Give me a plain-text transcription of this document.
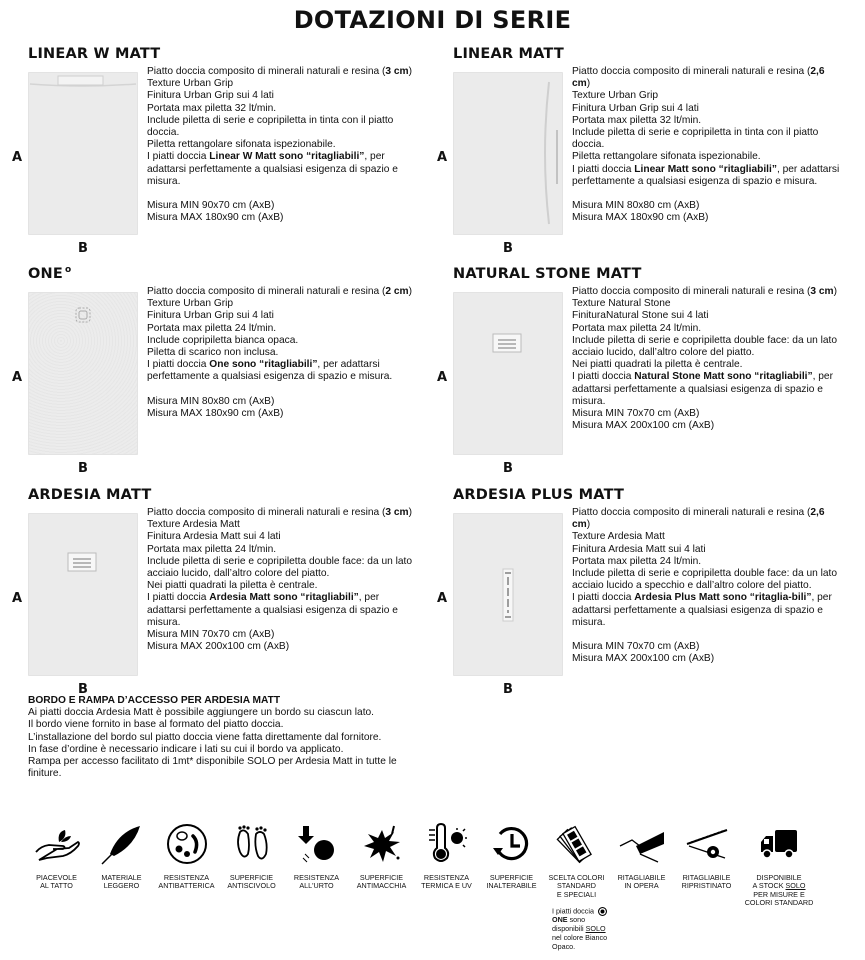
DOTAZIONI DI SERIE
LINEAR W MATT
A
B

Piatto doccia composito di minerali naturali e resina (3 cm)

Texture Urban Grip

Finitura Urban Grip sui 4 lati

Portata max piletta 32 lt/min.

Include piletta di serie e copripiletta in tinta con il piatto doccia.

Piletta rettangolare sifonata ispezionabile.

I piatti doccia Linear W Matt sono “ritagliabili”, per adattarsi perfettamente a qualsiasi esigenza di spazio e misura.

Misura MIN 90x70 cm (AxB)

Misura MAX 180x90 cm (AxB)

LINEAR MATT
A
B

Piatto doccia composito di minerali naturali e resina (2,6 cm)

Texture Urban Grip

Finitura Urban Grip sui 4 lati

Portata max piletta 32 lt/min.

Include piletta di serie e copripiletta in tinta con il piatto doccia.

Piletta rettangolare sifonata ispezionabile.

I piatti doccia Linear Matt sono “ritagliabili”, per adattarsi perfettamente a qualsiasi esigenza di spazio e misura.

Misura MIN 80x80 cm (AxB)

Misura MAX 180x90 cm (AxB)

ONE $^o$
A
B

Piatto doccia composito di minerali naturali e resina (2 cm)

Texture Urban Grip

Finitura Urban Grip sui 4 lati

Portata max piletta 24 lt/min.

Include copripiletta bianca opaca.

Piletta di scarico non inclusa.

I piatti doccia One sono “ritagliabili”, per adattarsi perfettamente a qualsiasi esigenza di spazio e misura.

Misura MIN 80x80 cm (AxB)

Misura MAX 180x90 cm (AxB)

NATURAL STONE MATT
A
B

Piatto doccia composito di minerali naturali e resina (3 cm)

Texture Natural Stone

FinituraNatural Stone sui 4 lati

Portata max piletta 24 lt/min.

Include piletta di serie e copripiletta double face: da un lato

acciaio lucido, dall’altro colore del piatto.

Nei piatti quadrati la piletta è centrale.

I piatti doccia Natural Stone Matt sono “ritagliabili”, per adattarsi perfettamente a qualsiasi esigenza di spazio e misura.

Misura MIN 70x70 cm (AxB)

Misura MAX 200x100 cm (AxB)

ARDESIA MATT
A
B

Piatto doccia composito di minerali naturali e resina (3 cm)

Texture Ardesia Matt

Finitura Ardesia Matt sui 4 lati

Portata max piletta 24 lt/min.

Include piletta di serie e copripiletta double face: da un lato acciaio lucido, dall’altro colore del piatto.

Nei piatti quadrati la piletta è centrale.

I piatti doccia Ardesia Matt sono “ritagliabili”, per adattarsi perfettamente a qualsiasi esigenza di spazio e misura.

Misura MIN 70x70 cm (AxB)

Misura MAX 200x100 cm (AxB)

ARDESIA PLUS MATT
A
B

Piatto doccia composito di minerali naturali e resina (2,6 cm)

Texture Ardesia Matt

Finitura Ardesia Matt sui 4 lati

Portata max piletta 24 lt/min.

Include piletta di serie e copripiletta double face: da un lato acciaio lucido a specchio e dall’altro colore del piatto.

I piatti doccia Ardesia Plus Matt sono “ritaglia-bili”, per adattarsi perfettamente a qualsiasi esigenza di spazio e misura.

Misura MIN 70x70 cm (AxB)

Misura MAX 200x100 cm (AxB)

BORDO E RAMPA D’ACCESSO PER ARDESIA MATT

Ai piatti doccia Ardesia Matt è possibile aggiungere un bordo su ciascun lato.

Il bordo viene fornito in base al formato del piatto doccia.

L’installazione del bordo sul piatto doccia viene fatta direttamente dal fornitore.

In fase d’ordine è necessario indicare i lati su cui il bordo va applicato.

Rampa per accesso facilitato di 1mt* disponibile SOLO per Ardesia Matt in tutte le finiture.

PIACEVOLE
AL TATTO
MATERIALE
LEGGERO
RESISTENZA
ANTIBATTERICA
SUPERFICIE
ANTISCIVOLO
RESISTENZA
ALL'URTO
SUPERFICIE
ANTIMACCHIA
RESISTENZA
TERMICA E UV
SUPERFICIE
INALTERABILE
SCELTA COLORI
STANDARD
E SPECIALI
I piatti doccia
ONE sono disponibili SOLO nel colore Bianco Opaco.
RITAGLIABILE
IN OPERA
RITAGLIABILE
RIPRISTINATO
DISPONIBILE
A STOCK SOLO
PER MISURE E
COLORI STANDARD
